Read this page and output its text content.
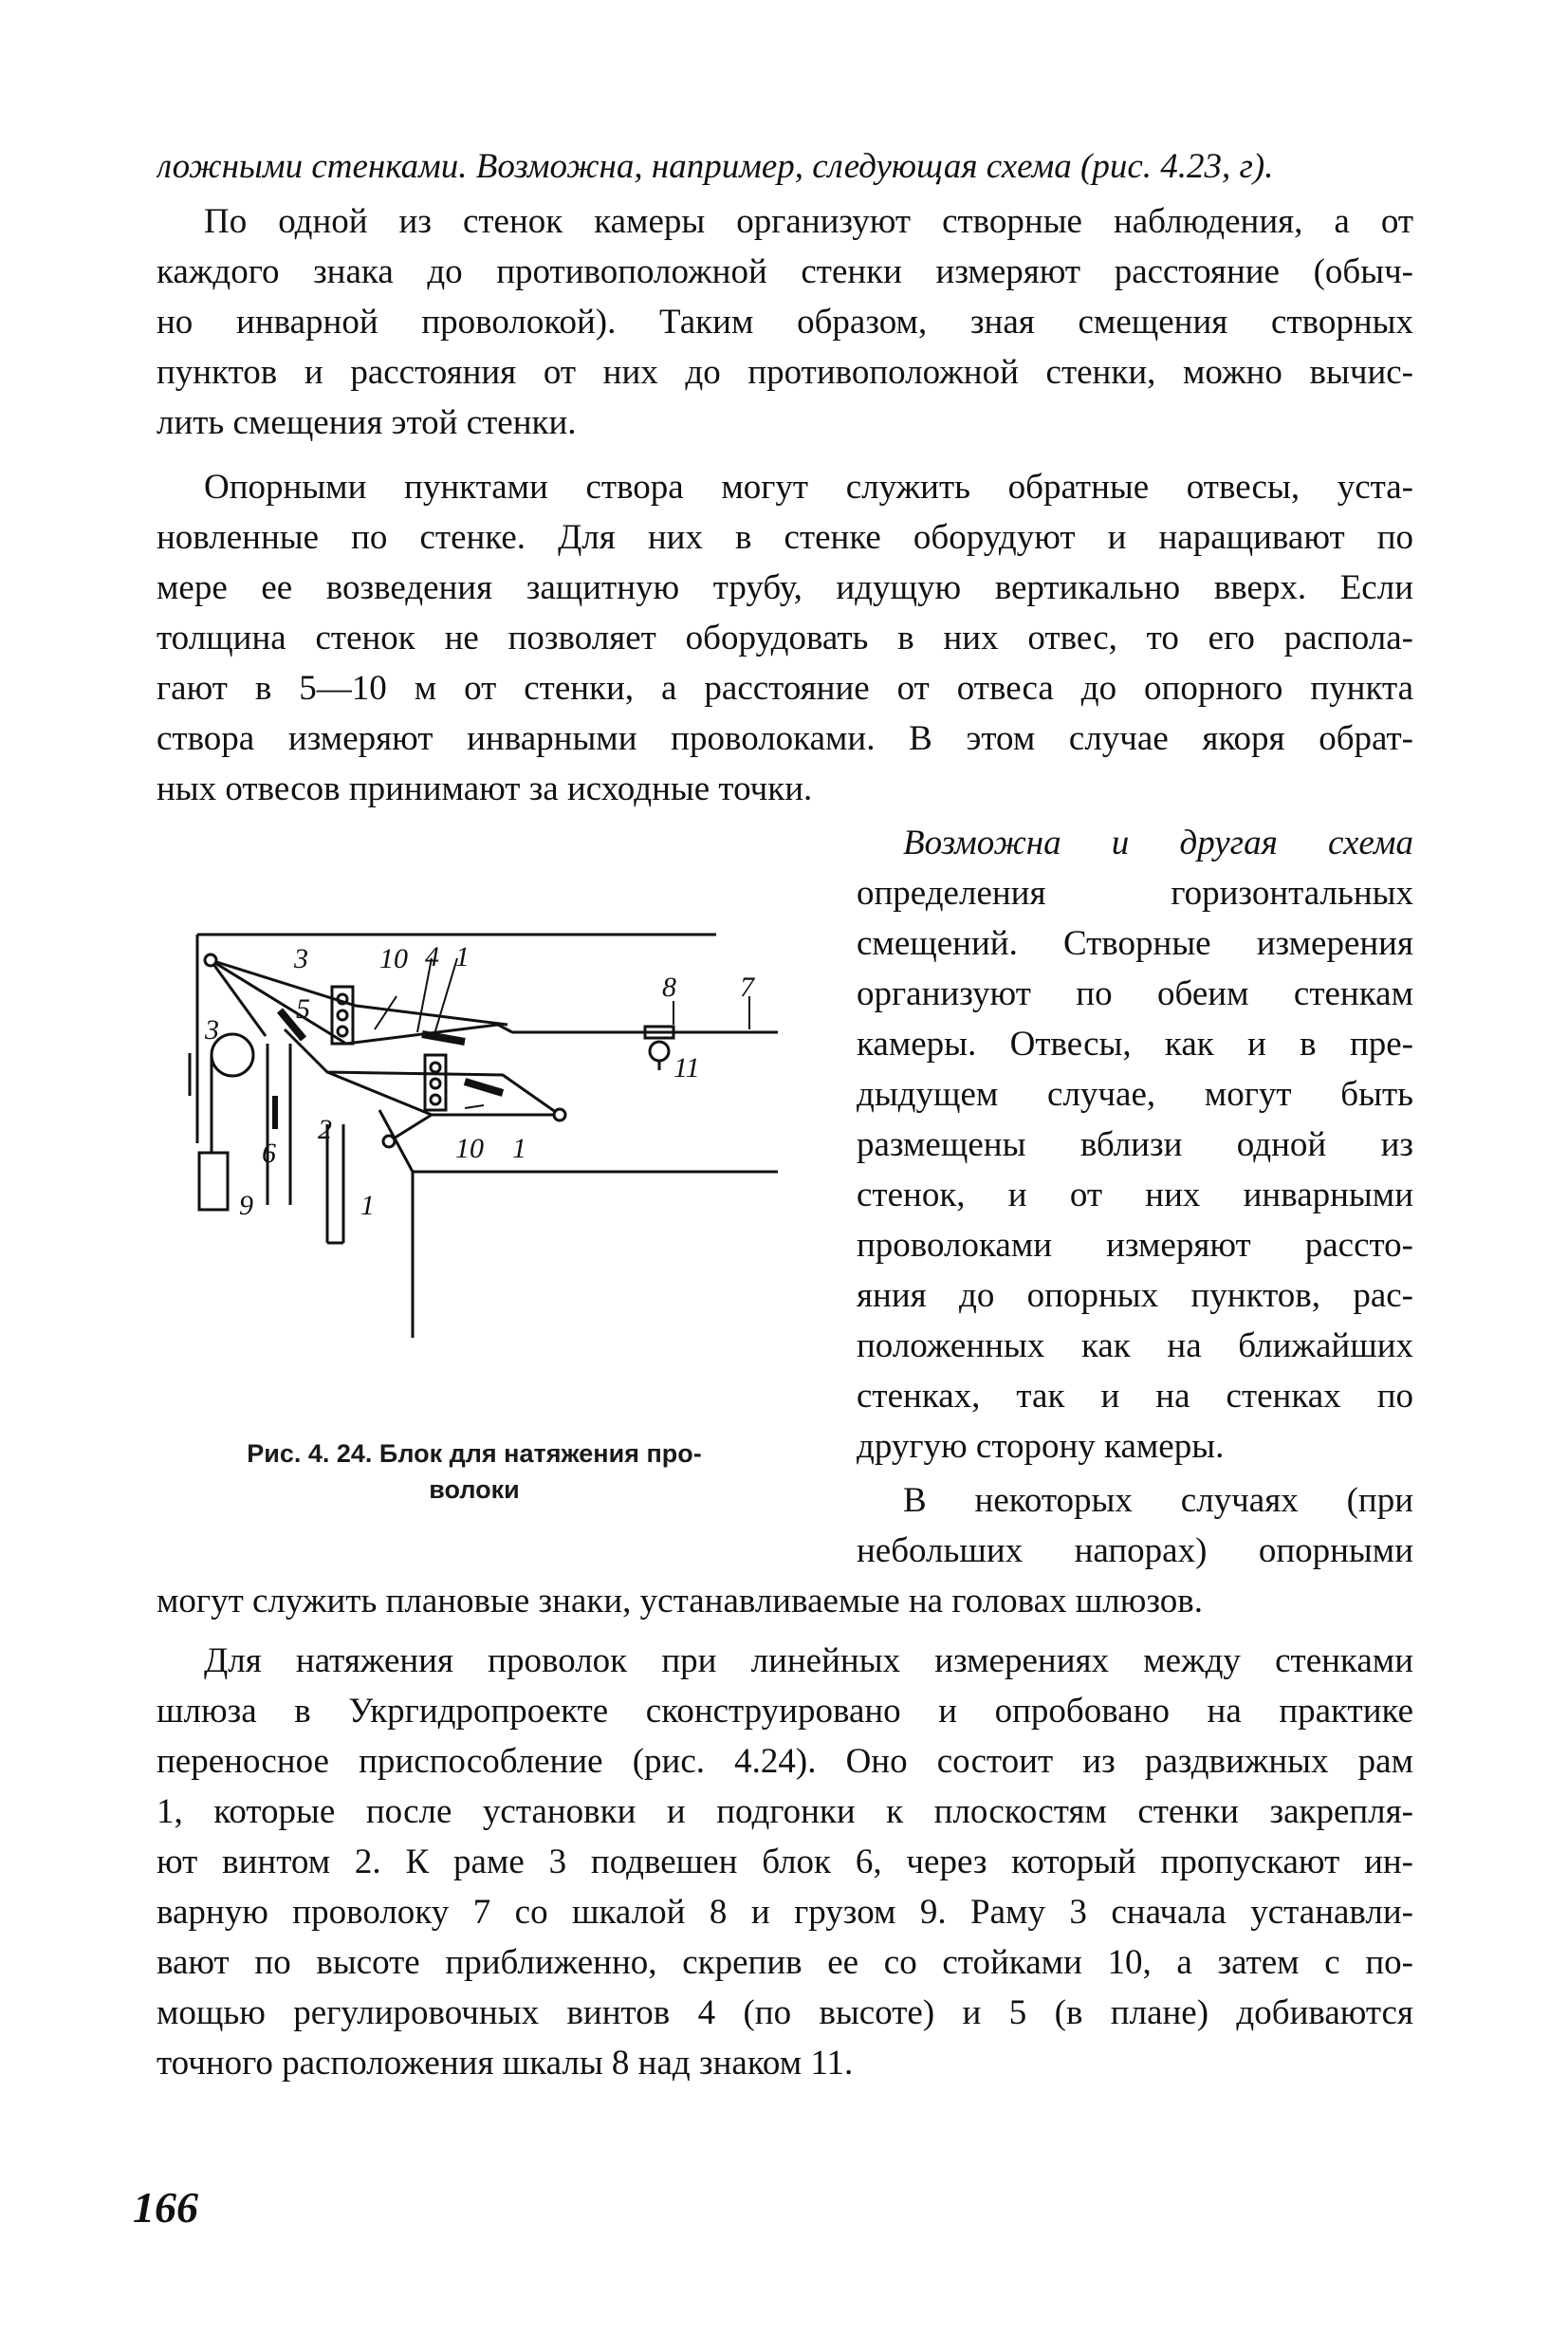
ложными стенками. Возможна, например, следующая схема (рис. 4.23, г).
По одной из стенок камеры организуют створные наблюдения, а от
каждого знака до противоположной стенки измеряют расстояние (обыч-
но инварной проволокой). Таким образом, зная смещения створных
пунктов и расстояния от них до противоположной стенки, можно вычис-
лить смещения этой стенки.
Опорными пунктами створа могут служить обратные отвесы, уста-
новленные по стенке. Для них в стенке оборудуют и наращивают по
мере ее возведения защитную трубу, идущую вертикально вверх. Если
толщина стенок не позволяет оборудовать в них отвес, то его распола-
гают в 5—10 м от стенки, а расстояние от отвеса до опорного пункта
створа измеряют инварными проволоками. В этом случае якоря обрат-
ных отвесов принимают за исходные точки.
Возможна и другая схема
определения горизонтальных
смещений. Створные измерения
организуют по обеим стенкам
камеры. Отвесы, как и в пре-
дыдущем случае, могут быть
размещены вблизи одной из
стенок, и от них инварными
проволоками измеряют рассто-
яния до опорных пунктов, рас-
положенных как на ближайших
стенках, так и на стенках по
другую сторону камеры.
В некоторых случаях (при
небольших напорах) опорными
могут служить плановые знаки, устанавливаемые на головах шлюзов.
Для натяжения проволок при линейных измерениях между стенками
шлюза в Укргидропроекте сконструировано и опробовано на практике
переносное приспособление (рис. 4.24). Оно состоит из раздвижных рам
1, которые после установки и подгонки к плоскостям стенки закрепля-
ют винтом 2. К раме 3 подвешен блок 6, через который пропускают ин-
варную проволоку 7 со шкалой 8 и грузом 9. Раму 3 сначала устанавли-
вают по высоте приближенно, скрепив ее со стойками 10, а затем с по-
мощью регулировочных винтов 4 (по высоте) и 5 (в плане) добиваются
точного расположения шкалы 8 над знаком 11.
3	10 4 1
3
5
8 7
11
2
6	10 1
9	1
Рис. 4. 24. Блок для натяжения про-
волоки
166
